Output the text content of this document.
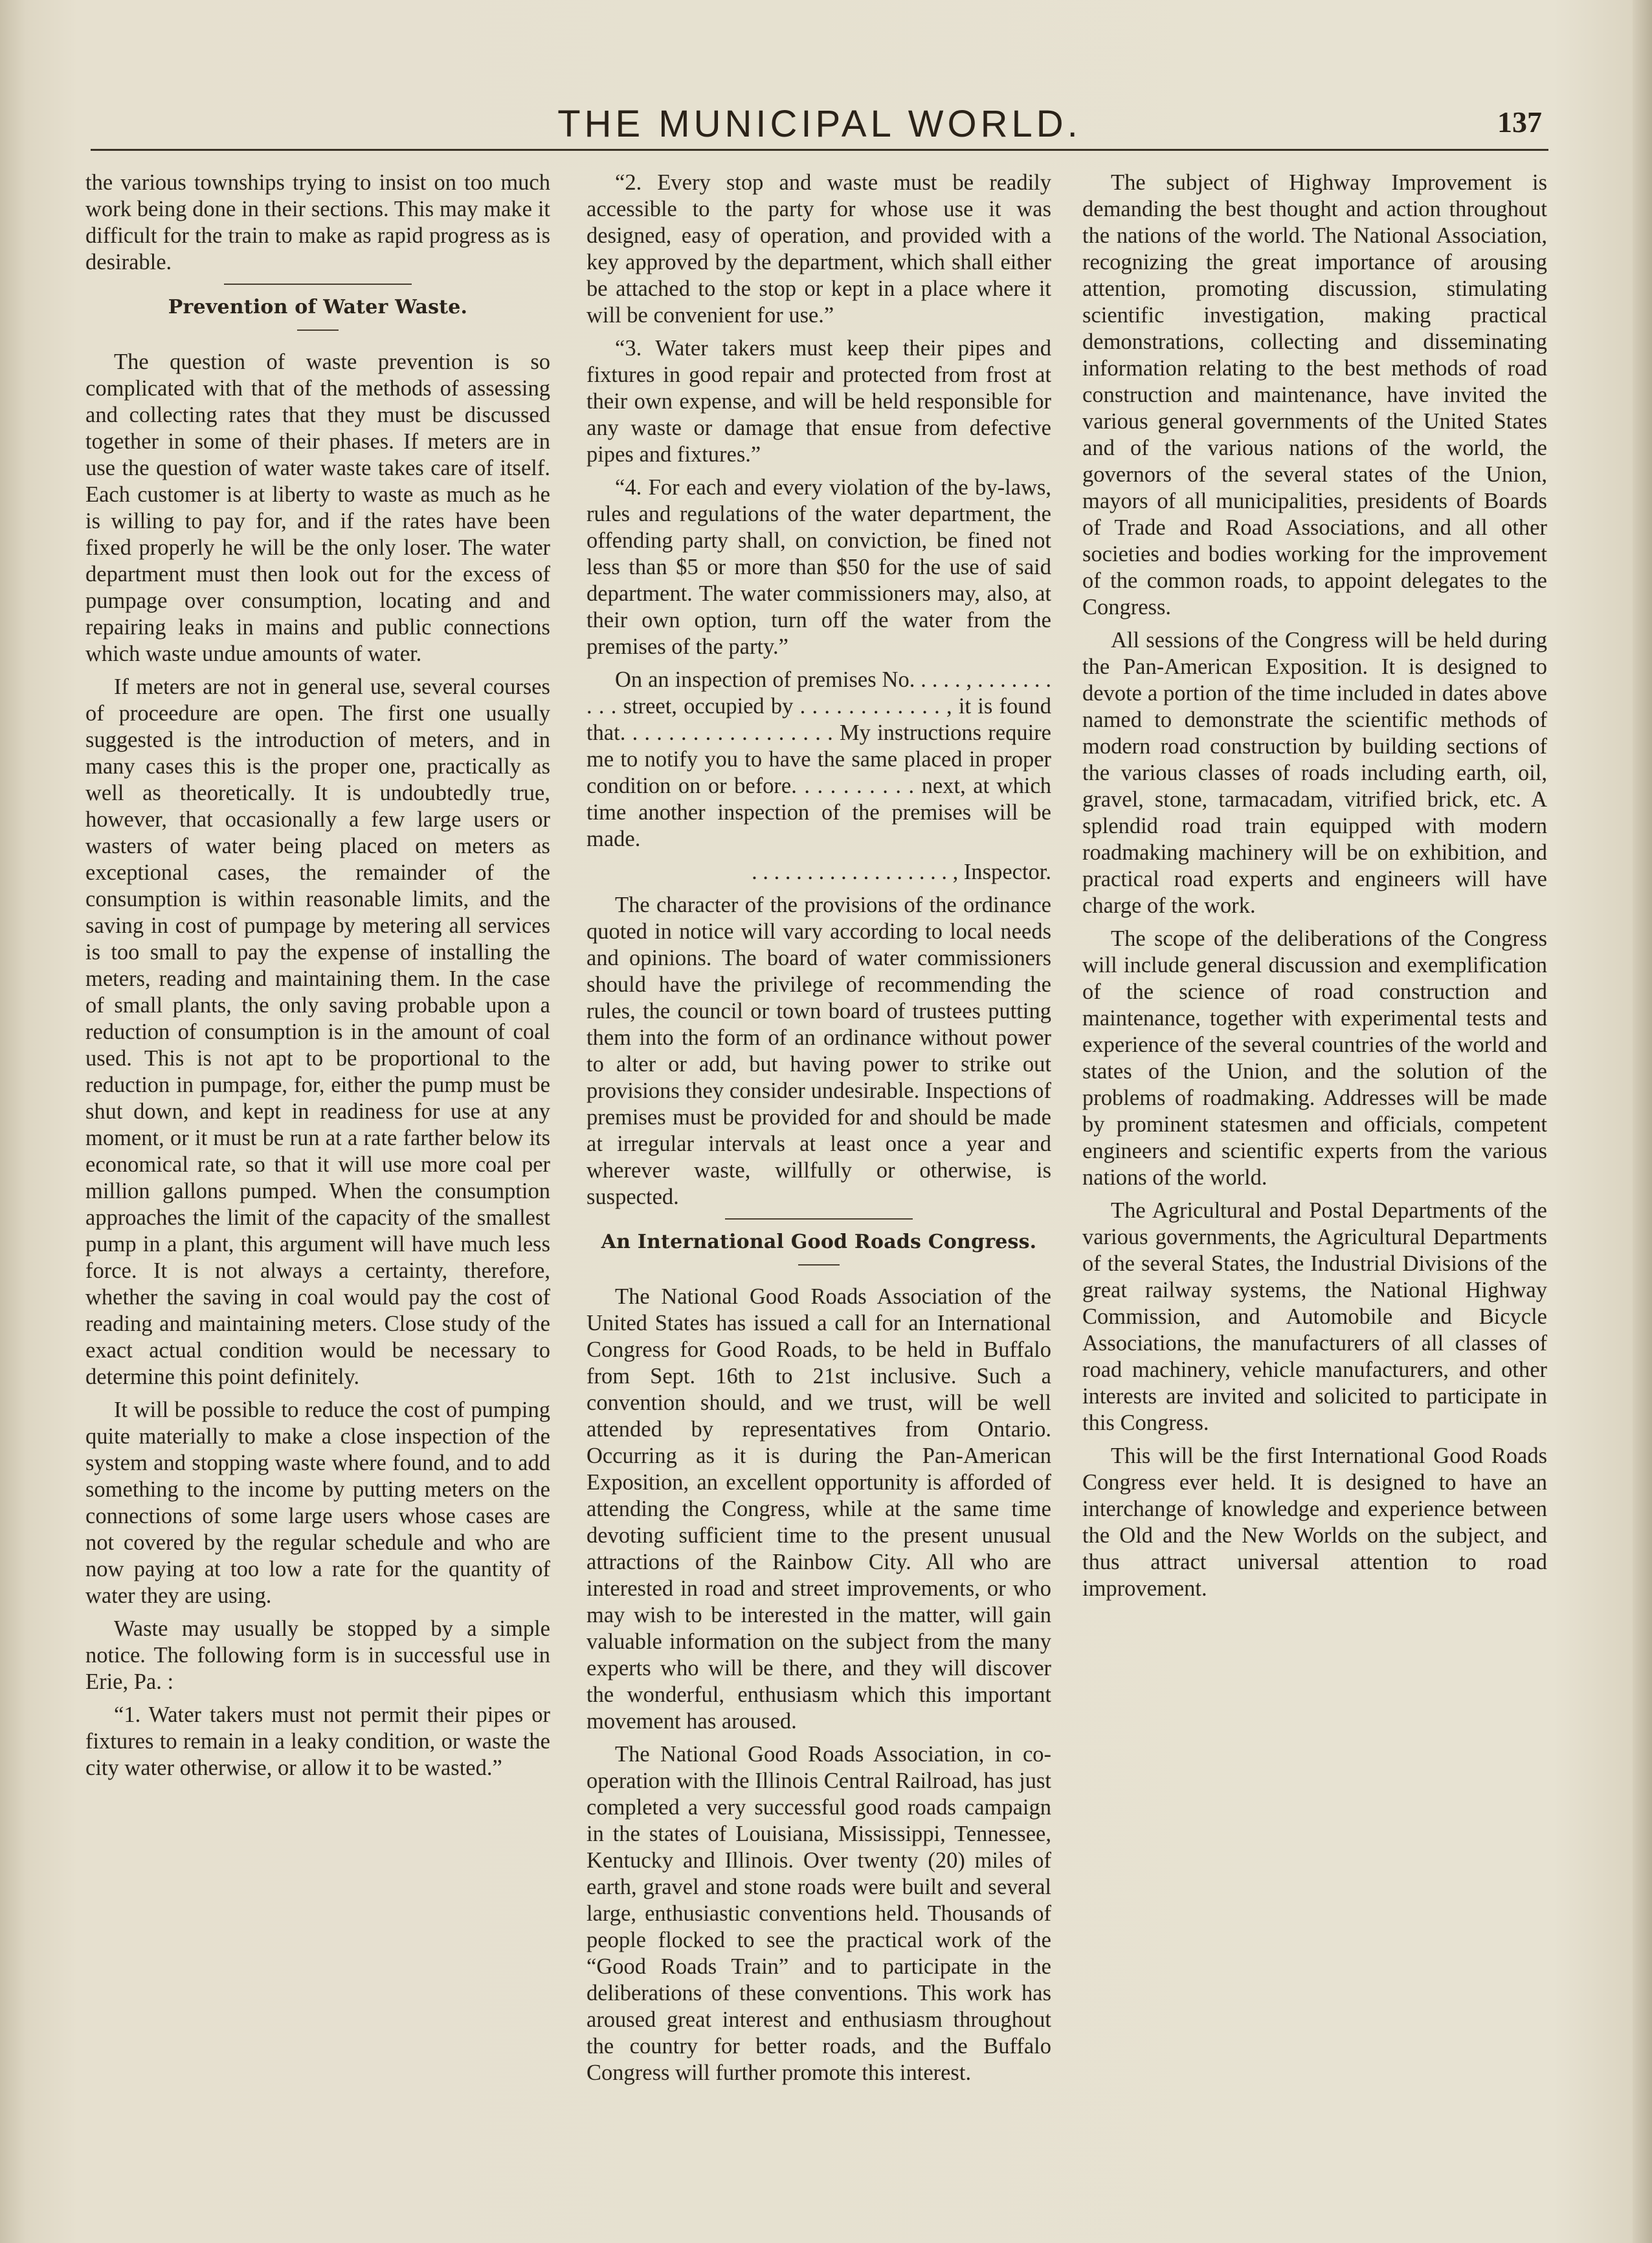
THE MUNICIPAL WORLD.	137

the various townships trying to insist on too much work being done in their sections. This may make it difficult for the train to make as rapid progress as is desirable.

Prevention of Water Waste.

The question of waste prevention is so complicated with that of the methods of assessing and collecting rates that they must be discussed together in some of their phases. If meters are in use the question of water waste takes care of itself. Each customer is at liberty to waste as much as he is willing to pay for, and if the rates have been fixed properly he will be the only loser. The water department must then look out for the excess of pumpage over consumption, locating and and repairing leaks in mains and public connections which waste undue amounts of water.

If meters are not in general use, several courses of proceedure are open. The first one usually suggested is the introduction of meters, and in many cases this is the proper one, practically as well as theoretically. It is undoubtedly true, however, that occasionally a few large users or wasters of water being placed on meters as exceptional cases, the remainder of the consumption is within reasonable limits, and the saving in cost of pumpage by metering all services is too small to pay the expense of installing the meters, reading and maintaining them. In the case of small plants, the only saving probable upon a reduction of consumption is in the amount of coal used. This is not apt to be proportional to the reduction in pumpage, for, either the pump must be shut down, and kept in readiness for use at any moment, or it must be run at a rate farther below its economical rate, so that it will use more coal per million gallons pumped. When the consumption approaches the limit of the capacity of the smallest pump in a plant, this argument will have much less force. It is not always a certainty, therefore, whether the saving in coal would pay the cost of reading and maintaining meters. Close study of the exact actual condition would be necessary to determine this point definitely.

It will be possible to reduce the cost of pumping quite materially to make a close inspection of the system and stopping waste where found, and to add something to the income by putting meters on the connections of some large users whose cases are not covered by the regular schedule and who are now paying at too low a rate for the quantity of water they are using.

Waste may usually be stopped by a simple notice. The following form is in successful use in Erie, Pa. :

“1. Water takers must not permit their pipes or fixtures to remain in a leaky condition, or waste the city water otherwise, or allow it to be wasted.”

“2. Every stop and waste must be readily accessible to the party for whose use it was designed, easy of operation, and provided with a key approved by the department, which shall either be attached to the stop or kept in a place where it will be convenient for use.”

“3. Water takers must keep their pipes and fixtures in good repair and protected from frost at their own expense, and will be held responsible for any waste or damage that ensue from defective pipes and fixtures.”

“4. For each and every violation of the by-laws, rules and regulations of the water department, the offending party shall, on conviction, be fined not less than $5 or more than $50 for the use of said department. The water commissioners may, also, at their own option, turn off the water from the premises of the party.”

On an inspection of premises No. . . . . , . . . . . . . . . . street, occupied by . . . . . . . . . . . . , it is found that. . . . . . . . . . . . . . . . . . My instructions require me to notify you to have the same placed in proper condition on or before. . . . . . . . . . next, at which time another inspection of the premises will be made.

. . . . . . . . . . . . . . . . . . , Inspector.

The character of the provisions of the ordinance quoted in notice will vary according to local needs and opinions. The board of water commissioners should have the privilege of recommending the rules, the council or town board of trustees putting them into the form of an ordinance without power to alter or add, but having power to strike out provisions they consider undesirable. Inspections of premises must be provided for and should be made at irregular intervals at least once a year and wherever waste, willfully or otherwise, is suspected.

An International Good Roads Congress.

The National Good Roads Association of the United States has issued a call for an International Congress for Good Roads, to be held in Buffalo from Sept. 16th to 21st inclusive. Such a convention should, and we trust, will be well attended by representatives from Ontario. Occurring as it is during the Pan-American Exposition, an excellent opportunity is afforded of attending the Congress, while at the same time devoting sufficient time to the present unusual attractions of the Rainbow City. All who are interested in road and street improvements, or who may wish to be interested in the matter, will gain valuable information on the subject from the many experts who will be there, and they will discover the wonderful, enthusiasm which this important movement has aroused.

The National Good Roads Association, in co-operation with the Illinois Central Railroad, has just completed a very successful good roads campaign in the states of Louisiana, Mississippi, Tennessee, Kentucky and Illinois. Over twenty (20) miles of earth, gravel and stone roads were built and several large, enthusiastic conventions held. Thousands of people flocked to see the practical work of the “Good Roads Train” and to participate in the deliberations of these conventions. This work has aroused great interest and enthusiasm throughout the country for better roads, and the Buffalo Congress will further promote this interest.

The subject of Highway Improvement is demanding the best thought and action throughout the nations of the world. The National Association, recognizing the great importance of arousing attention, promoting discussion, stimulating scientific investigation, making practical demonstrations, collecting and disseminating information relating to the best methods of road construction and maintenance, have invited the various general governments of the United States and of the various nations of the world, the governors of the several states of the Union, mayors of all municipalities, presidents of Boards of Trade and Road Associations, and all other societies and bodies working for the improvement of the common roads, to appoint delegates to the Congress.

All sessions of the Congress will be held during the Pan-American Exposition. It is designed to devote a portion of the time included in dates above named to demonstrate the scientific methods of modern road construction by building sections of the various classes of roads including earth, oil, gravel, stone, tarmacadam, vitrified brick, etc. A splendid road train equipped with modern roadmaking machinery will be on exhibition, and practical road experts and engineers will have charge of the work.

The scope of the deliberations of the Congress will include general discussion and exemplification of the science of road construction and maintenance, together with experimental tests and experience of the several countries of the world and states of the Union, and the solution of the problems of roadmaking. Addresses will be made by prominent statesmen and officials, competent engineers and scientific experts from the various nations of the world.

The Agricultural and Postal Departments of the various governments, the Agricultural Departments of the several States, the Industrial Divisions of the great railway systems, the National Highway Commission, and Automobile and Bicycle Associations, the manufacturers of all classes of road machinery, vehicle manufacturers, and other interests are invited and solicited to participate in this Congress.

This will be the first International Good Roads Congress ever held. It is designed to have an interchange of knowledge and experience between the Old and the New Worlds on the subject, and thus attract universal attention to road improvement.
